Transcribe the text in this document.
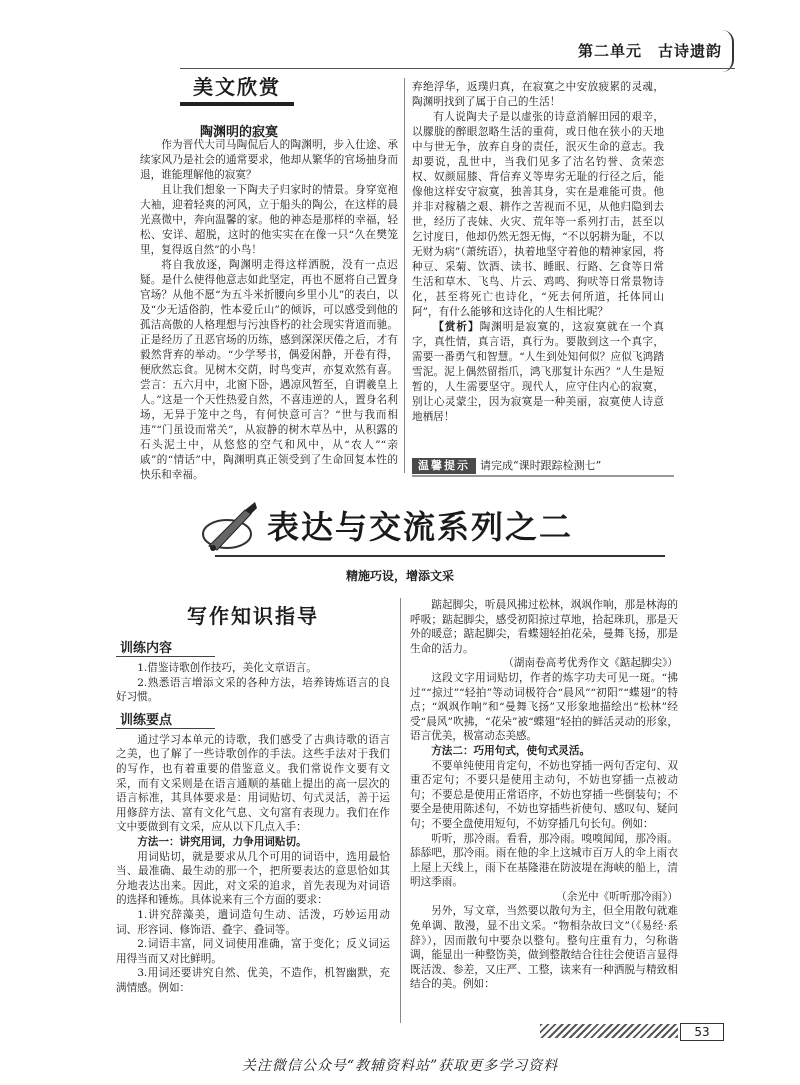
第二单元　古诗遗韵
美文欣赏
陶渊明的寂寞

作为晋代大司马陶侃后人的陶渊明，步入仕途、承续家风乃是社会的通常要求，他却从繁华的官场抽身而退，谁能理解他的寂寞？

且让我们想象一下陶夫子归家时的情景。身穿宽袍大袖，迎着轻爽的河风，立于船头的陶公，在这样的晨光熹微中，奔向温馨的家。他的神态是那样的幸福，轻松、安详、超脱，这时的他实实在在像一只“久在樊笼里，复得返自然”的小鸟！

将自我放逐，陶渊明走得这样洒脱，没有一点迟疑。是什么使得他意志如此坚定，再也不愿将自己置身官场？从他不愿“为五斗米折腰向乡里小儿”的表白，以及“少无适俗韵，性本爱丘山”的倾诉，可以感受到他的孤洁高傲的人格理想与污浊昏朽的社会现实背道而驰。正是经历了丑恶官场的历练，感到深深厌倦之后，才有毅然背弃的举动。“少学琴书，偶爱闲静，开卷有得，便欣然忘食。见树木交荫，时鸟变声，亦复欢然有喜。尝言：五六月中，北窗下卧，遇凉风暂至，自谓羲皇上人。”这是一个天性热爱自然，不喜违逆的人，置身名利场，无异于笼中之鸟，有何快意可言？“世与我而相违”“门虽设而常关”，从寂静的树木草丛中，从积露的石头泥土中，从悠悠的空气和风中，从“农人”“亲戚”的“情话”中，陶渊明真正领受到了生命回复本性的快乐和幸福。

弃绝浮华，返璞归真，在寂寞之中安放疲累的灵魂，陶渊明找到了属于自己的生活！

有人说陶夫子是以虚张的诗意消解田园的艰辛，以朦胧的醉眼忽略生活的重荷，或日他在狭小的天地中与世无争，放弃自身的责任，泯灭生命的意志。我却要说，乱世中，当我们见多了沽名钓誉、贪荣恋权、奴颜屈膝、背信弃义等卑劣无耻的行径之后，能像他这样安守寂寞，独善其身，实在是难能可贵。他并非对稼穑之艰、耕作之苦视而不见，从他归隐到去世，经历了丧妹、火灾、荒年等一系列打击，甚至以乞讨度日，他却仍然无怨无悔，“不以躬耕为耻，不以无财为病”（萧统语），执着地坚守着他的精神家园，将种豆、采菊、饮酒、读书、睡眠、行路、乞食等日常生活和草木、飞鸟、片云、鸡鸣、狗吠等日常景物诗化，甚至将死亡也诗化，“死去何所道，托体同山阿”，有什么能够和这诗化的人生相比呢？

【赏析】陶渊明是寂寞的，这寂寞就在一个真字，真性情，真言语，真行为。要散到这一个真字，需要一番勇气和智慧。“人生到处知何似？应似飞鸿踏雪泥。泥上偶然留指爪，鸿飞那复计东西？”人生是短暂的，人生需要坚守。现代人，应守住内心的寂寞，别让心灵蒙尘，因为寂寞是一种美丽，寂寞使人诗意地栖居！

温馨提示 请完成“课时跟踪检测七”
表达与交流系列之二
精施巧设，增添文采
写作知识指导
训练内容

1.借鉴诗歌创作技巧，美化文章语言。

2.熟悉语言增添文采的各种方法，培养铸炼语言的良好习惯。

训练要点

通过学习本单元的诗歌，我们感受了古典诗歌的语言之美，也了解了一些诗歌创作的手法。这些手法对于我们的写作，也有着重要的借鉴意义。我们常说作文要有文采，而有文采则是在语言通顺的基础上提出的高一层次的语言标准，其具体要求是：用词贴切、句式灵活，善于运用修辞方法、富有文化气息、文句富有表现力。我们在作文中要做到有文采，应从以下几点入手：

方法一：讲究用词，力争用词贴切。

用词贴切，就是要求从几个可用的词语中，选用最恰当、最准确、最生动的那一个，把所要表达的意思恰如其分地表达出来。因此，对文采的追求，首先表现为对词语的选择和锤炼。具体说来有三个方面的要求：

1.讲究辞藻美，遣词造句生动、活泼，巧妙运用动词、形容词、修饰语、叠字、叠词等。

2.词语丰富，同义词使用准确，富于变化；反义词运用得当而又对比鲜明。

3.用词还要讲究自然、优美，不造作，机智幽默，充满情感。例如：

踮起脚尖，听晨风拂过松林，飒飒作响，那是林海的呼吸；踮起脚尖，感受初阳掠过草地，拾起珠玑，那是天外的暖意；踮起脚尖，看蝶翅轻拍花朵，曼舞飞扬，那是生命的活力。

（湖南卷高考优秀作文《踮起脚尖》）

这段文字用词贴切，作者的炼字功夫可见一斑。“拂过”“掠过”“轻拍”等动词极符合“晨风”“初阳”“蝶翅”的特点；“飒飒作响”和“曼舞飞扬”又形象地描绘出“松林”经受“晨风”吹拂，“花朵”被“蝶翅”轻拍的鲜活灵动的形象，语言优美，极富动态美感。

方法二：巧用句式，使句式灵活。

不要单纯使用肯定句，不妨也穿插一两句否定句、双重否定句；不要只是使用主动句，不妨也穿插一点被动句；不要总是使用正常语序，不妨也穿插一些倒装句；不要全是使用陈述句，不妨也穿插些祈使句、感叹句、疑问句；不要全盘使用短句，不妨穿插几句长句。例如：

听听，那冷雨。看看，那冷雨。嗅嗅闻闻，那冷雨。舔舔吧，那冷雨。雨在他的伞上这城市百万人的伞上雨衣上屋上天线上，雨下在基隆港在防波堤在海峡的船上，清明这季雨。

（余光中《听听那冷雨》）

另外，写文章，当然要以散句为主，但全用散句就难免单调、散漫，显不出文采。“物相杂故曰文”（《易经·系辞》），因而散句中要杂以整句。整句庄重有力，匀称谐调，能显出一种整饬美，做到整散结合往往会使语言显得既活泼、参差，又庄严、工整，读来有一种洒脱与精致相结合的美。例如：

53
关注微信公众号“教辅资料站”获取更多学习资料
